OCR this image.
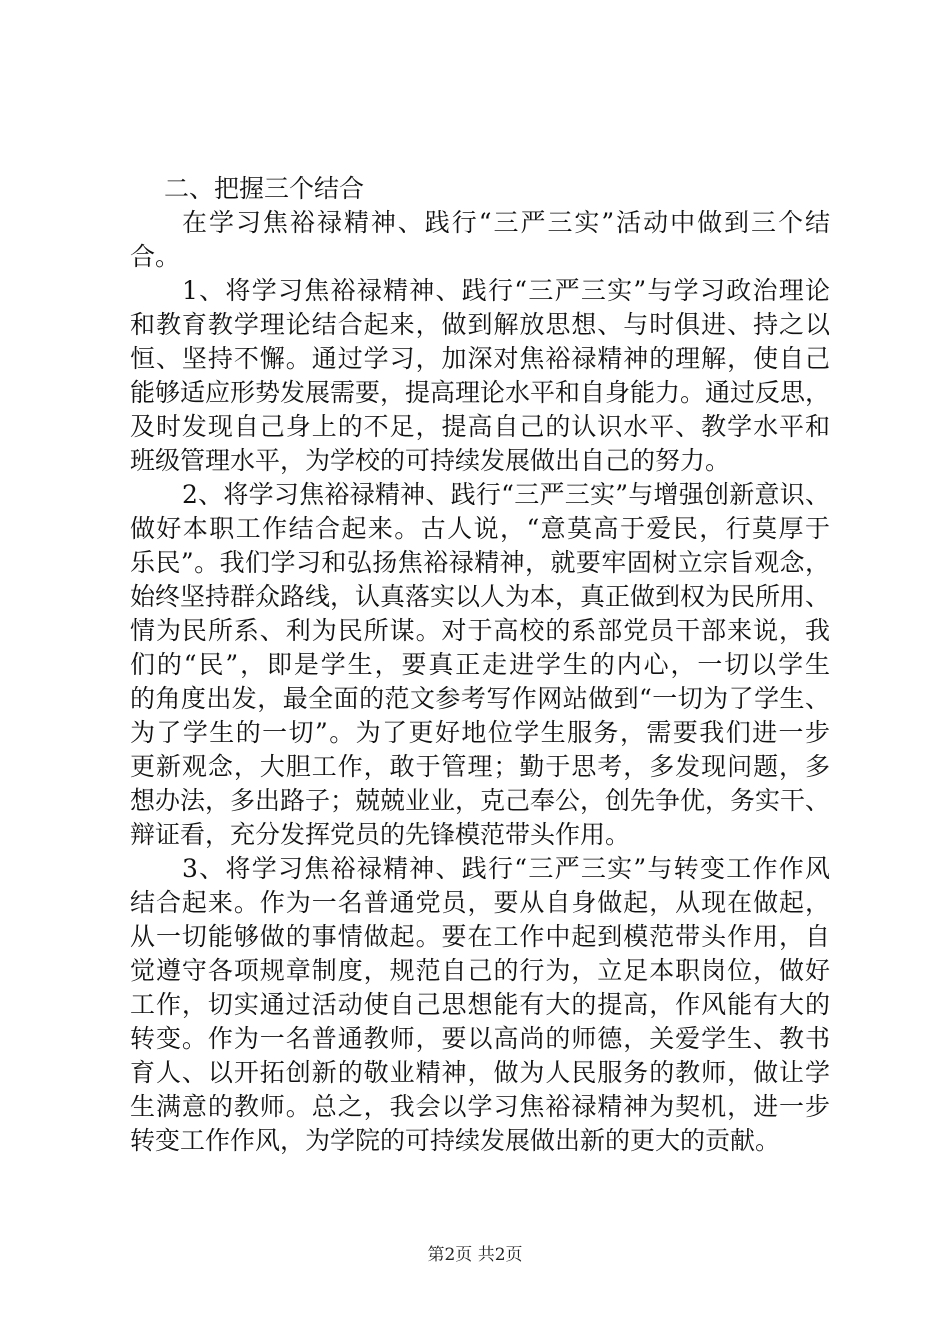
二、把握三个结合
在学习焦裕禄精神、践行“三严三实”活动中做到三个结
合。
1、将学习焦裕禄精神、践行“三严三实”与学习政治理论
和教育教学理论结合起来，做到解放思想、与时俱进、持之以
恒、坚持不懈。通过学习，加深对焦裕禄精神的理解，使自己
能够适应形势发展需要，提高理论水平和自身能力。通过反思，
及时发现自己身上的不足，提高自己的认识水平、教学水平和
班级管理水平，为学校的可持续发展做出自己的努力。
2、将学习焦裕禄精神、践行“三严三实”与增强创新意识、
做好本职工作结合起来。古人说，“意莫高于爱民，行莫厚于
乐民”。我们学习和弘扬焦裕禄精神，就要牢固树立宗旨观念，
始终坚持群众路线，认真落实以人为本，真正做到权为民所用、
情为民所系、利为民所谋。对于高校的系部党员干部来说，我
们的“民”，即是学生，要真正走进学生的内心，一切以学生
的角度出发，最全面的范文参考写作网站做到“一切为了学生、
为了学生的一切”。为了更好地位学生服务，需要我们进一步
更新观念，大胆工作，敢于管理；勤于思考，多发现问题，多
想办法，多出路子；兢兢业业，克己奉公，创先争优，务实干、
辩证看，充分发挥党员的先锋模范带头作用。
3、将学习焦裕禄精神、践行“三严三实”与转变工作作风
结合起来。作为一名普通党员，要从自身做起，从现在做起，
从一切能够做的事情做起。要在工作中起到模范带头作用，自
觉遵守各项规章制度，规范自己的行为，立足本职岗位，做好
工作，切实通过活动使自己思想能有大的提高，作风能有大的
转变。作为一名普通教师，要以高尚的师德，关爱学生、教书
育人、以开拓创新的敬业精神，做为人民服务的教师，做让学
生满意的教师。总之，我会以学习焦裕禄精神为契机，进一步
转变工作作风，为学院的可持续发展做出新的更大的贡献。
第2页 共2页
